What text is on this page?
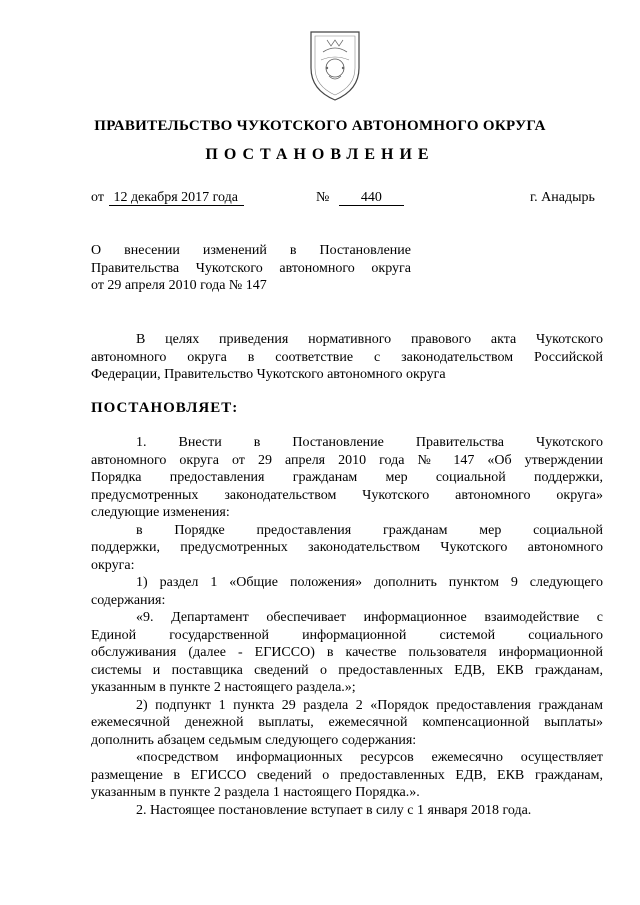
ПРАВИТЕЛЬСТВО ЧУКОТСКОГО АВТОНОМНОГО ОКРУГА
ПОСТАНОВЛЕНИЕ
от 12 декабря 2017 года	№ 440	г. Анадырь
О внесении изменений в Постановление
Правительства Чукотского автономного округа
от 29 апреля 2010 года № 147
В целях приведения нормативного правового акта Чукотского
автономного округа в соответствие с законодательством Российской
Федерации, Правительство Чукотского автономного округа
ПОСТАНОВЛЯЕТ:
1. Внести в Постановление Правительства Чукотского
автономного округа от 29 апреля 2010 года № 147 «Об утверждении
Порядка предоставления гражданам мер социальной поддержки,
предусмотренных законодательством Чукотского автономного округа»
следующие изменения:
в Порядке предоставления гражданам мер социальной
поддержки, предусмотренных законодательством Чукотского автономного
округа:
1) раздел 1 «Общие положения» дополнить пунктом 9 следующего
содержания:
«9. Департамент обеспечивает информационное взаимодействие с
Единой государственной информационной системой социального
обслуживания (далее - ЕГИССО) в качестве пользователя информационной
системы и поставщика сведений о предоставленных ЕДВ, ЕКВ гражданам,
указанным в пункте 2 настоящего раздела.»;
2) подпункт 1 пункта 29 раздела 2 «Порядок предоставления гражданам
ежемесячной денежной выплаты, ежемесячной компенсационной выплаты»
дополнить абзацем седьмым следующего содержания:
«посредством информационных ресурсов ежемесячно осуществляет
размещение в ЕГИССО сведений о предоставленных ЕДВ, ЕКВ гражданам,
указанным в пункте 2 раздела 1 настоящего Порядка.».
2. Настоящее постановление вступает в силу с 1 января 2018 года.
